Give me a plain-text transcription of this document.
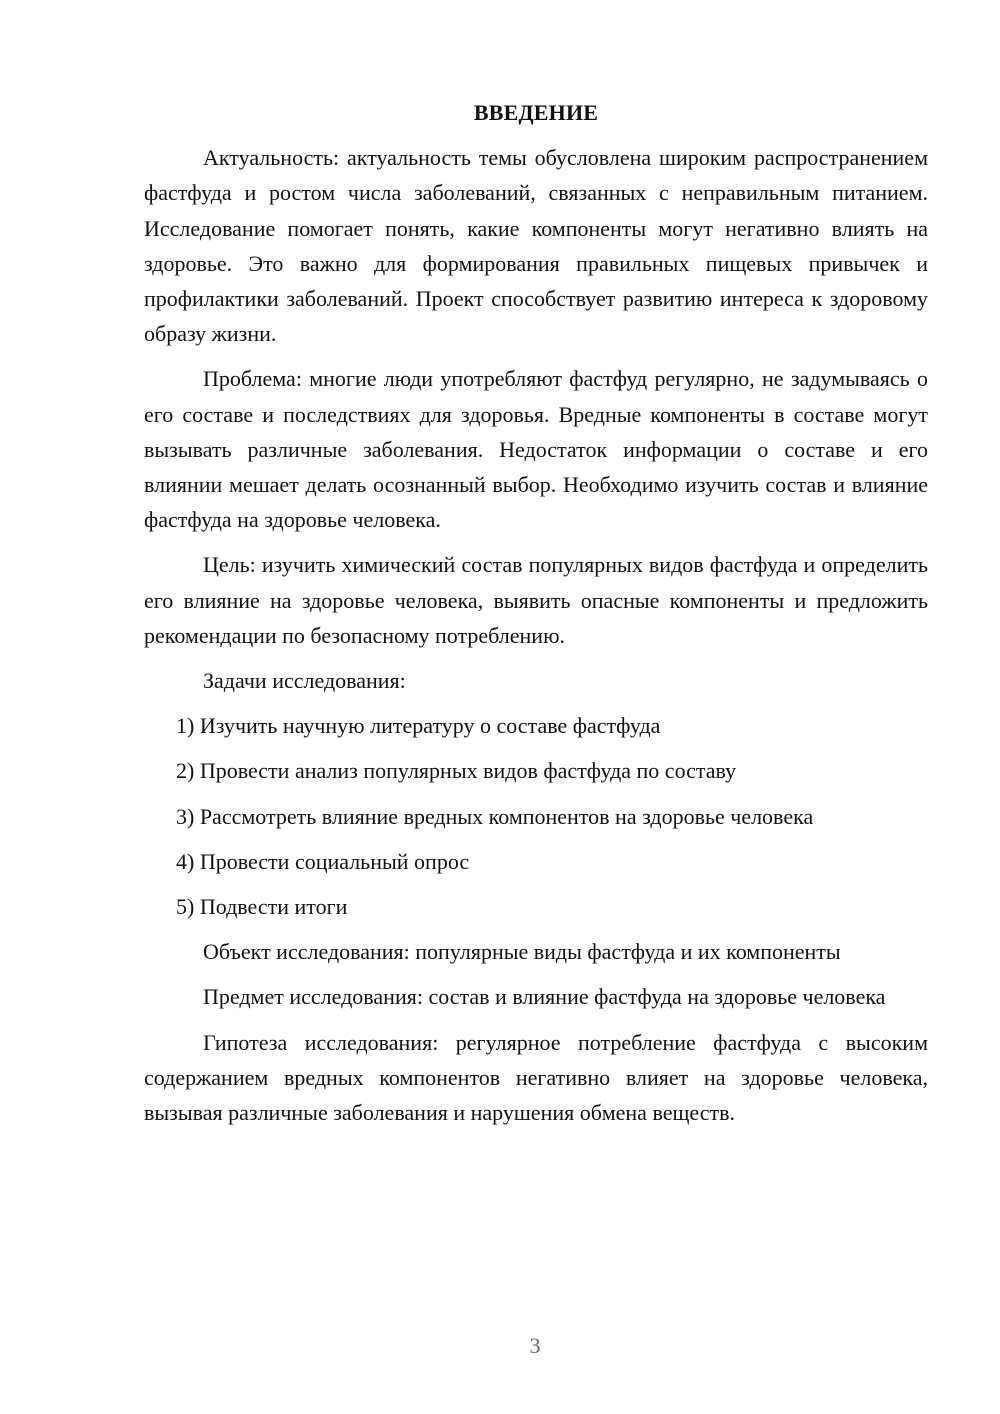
ВВЕДЕНИЕ

Актуальность: актуальность темы обусловлена широким распространением фастфуда и ростом числа заболеваний, связанных с неправильным питанием. Исследование помогает понять, какие компоненты могут негативно влиять на здоровье. Это важно для формирования правильных пищевых привычек и профилактики заболеваний. Проект способствует развитию интереса к здоровому образу жизни.

Проблема: многие люди употребляют фастфуд регулярно, не задумываясь о его составе и последствиях для здоровья. Вредные компоненты в составе могут вызывать различные заболевания. Недостаток информации о составе и его влиянии мешает делать осознанный выбор. Необходимо изучить состав и влияние фастфуда на здоровье человека.

Цель: изучить химический состав популярных видов фастфуда и определить его влияние на здоровье человека, выявить опасные компоненты и предложить рекомендации по безопасному потреблению.

Задачи исследования:

1) Изучить научную литературу о составе фастфуда
2) Провести анализ популярных видов фастфуда по составу
3) Рассмотреть влияние вредных компонентов на здоровье человека
4) Провести социальный опрос
5) Подвести итоги

Объект исследования: популярные виды фастфуда и их компоненты

Предмет исследования: состав и влияние фастфуда на здоровье человека

Гипотеза исследования: регулярное потребление фастфуда с высоким содержанием вредных компонентов негативно влияет на здоровье человека, вызывая различные заболевания и нарушения обмена веществ.

3
